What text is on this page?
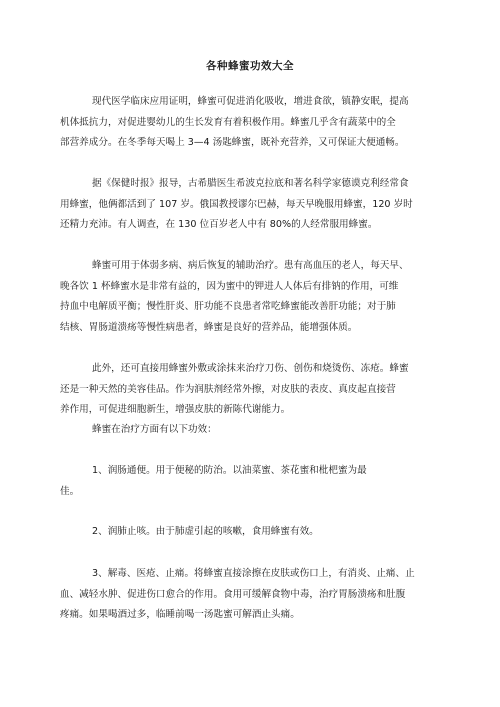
各种蜂蜜功效大全

现代医学临床应用证明，蜂蜜可促进消化吸收，增进食欲，镇静安眠，提高
机体抵抗力，对促进婴幼儿的生长发育有着积极作用。蜂蜜几乎含有蔬菜中的全
部营养成分。在冬季每天喝上 3—4 汤匙蜂蜜，既补充营养，又可保证大便通畅。

据《保健时报》报导，古希腊医生希波克拉底和著名科学家德谟克利经常食
用蜂蜜，他俩都活到了 107 岁。俄国教授谬尔巴赫，每天早晚服用蜂蜜，120 岁时
还精力充沛。有人调查，在 130 位百岁老人中有 80%的人经常服用蜂蜜。

蜂蜜可用于体弱多病、病后恢复的辅助治疗。患有高血压的老人，每天早、
晚各饮 1 杯蜂蜜水是非常有益的，因为蜜中的钾进人人体后有排钠的作用，可维
持血中电解质平衡；慢性肝炎、肝功能不良患者常吃蜂蜜能改善肝功能；对于肺
结核、胃肠道溃疡等慢性病患者，蜂蜜是良好的营养品，能增强体质。

此外，还可直接用蜂蜜外敷或涂抹来治疗刀伤、创伤和烧烫伤、冻疮。蜂蜜
还是一种天然的美容佳品。作为润肤剂经常外擦，对皮肤的表皮、真皮起直接营
养作用，可促进细胞新生，增强皮肤的新陈代谢能力。

蜂蜜在治疗方面有以下功效：
1、润肠通便。用于便秘的防治。以油菜蜜、茶花蜜和枇杷蜜为最
佳。
2、润肺止咳。由于肺虚引起的咳嗽，食用蜂蜜有效。

3、解毒、医疮、止痛。将蜂蜜直接涂擦在皮肤或伤口上，有消炎、止痛、止
血、减轻水肿、促进伤口愈合的作用。食用可缓解食物中毒，治疗胃肠溃疡和肚腹
疼痛。如果喝酒过多，临睡前喝一汤匙蜜可解酒止头痛。
